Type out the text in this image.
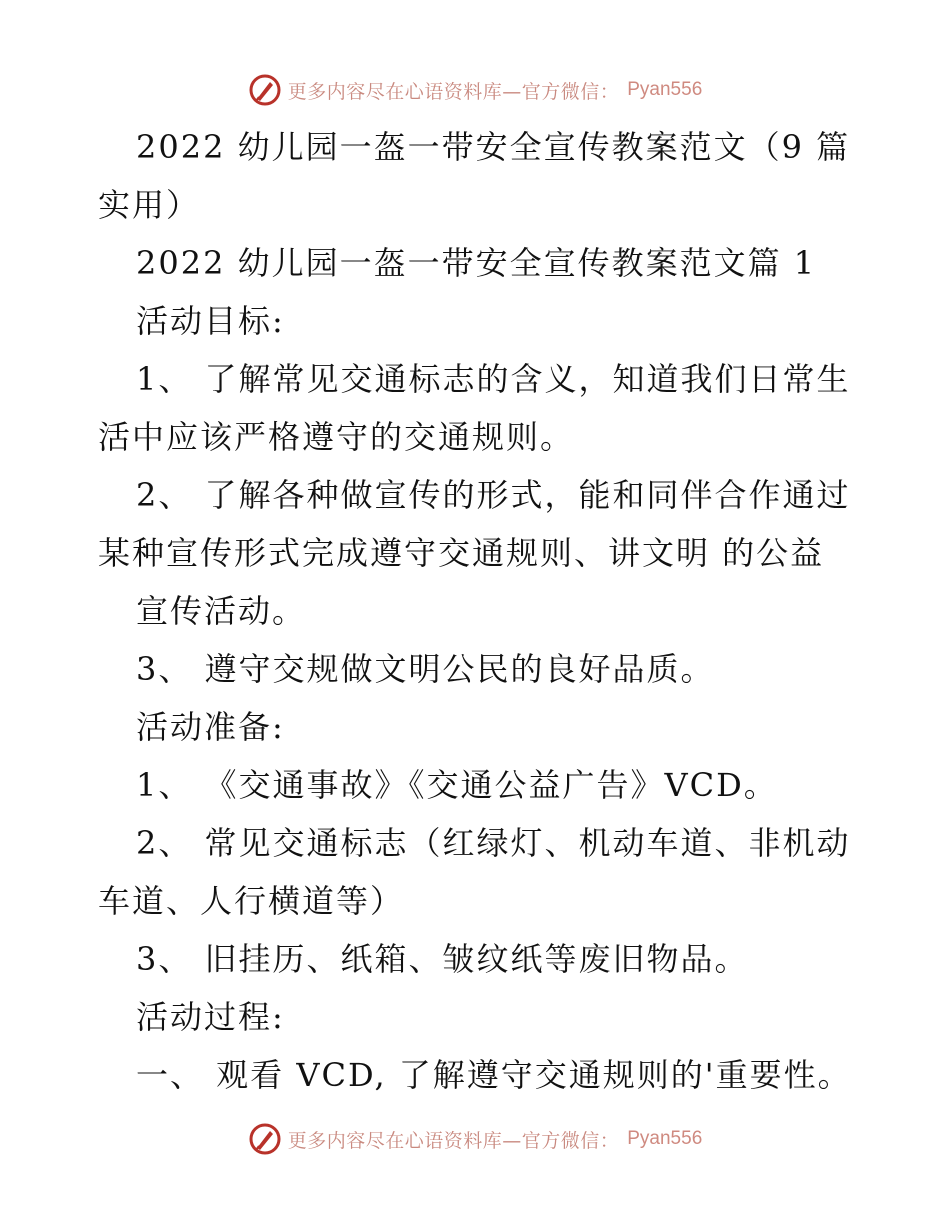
更多内容尽在心语资料库—官方微信： Pyan556
2022 幼儿园一盔一带安全宣传教案范文（9 篇
实用）
2022 幼儿园一盔一带安全宣传教案范文篇 1
活动目标:
1、 了解常见交通标志的含义，知道我们日常生
活中应该严格遵守的交通规则。
2、 了解各种做宣传的形式，能和同伴合作通过
某种宣传形式完成遵守交通规则、讲文明 的公益
宣传活动。
3、 遵守交规做文明公民的良好品质。
活动准备:
1、 《交通事故》《交通公益广告》VCD。
2、 常见交通标志（红绿灯、机动车道、非机动
车道、人行横道等）
3、 旧挂历、纸箱、皱纹纸等废旧物品。
活动过程:
一、 观看 VCD, 了解遵守交通规则的'重要性。
更多内容尽在心语资料库—官方微信： Pyan556
